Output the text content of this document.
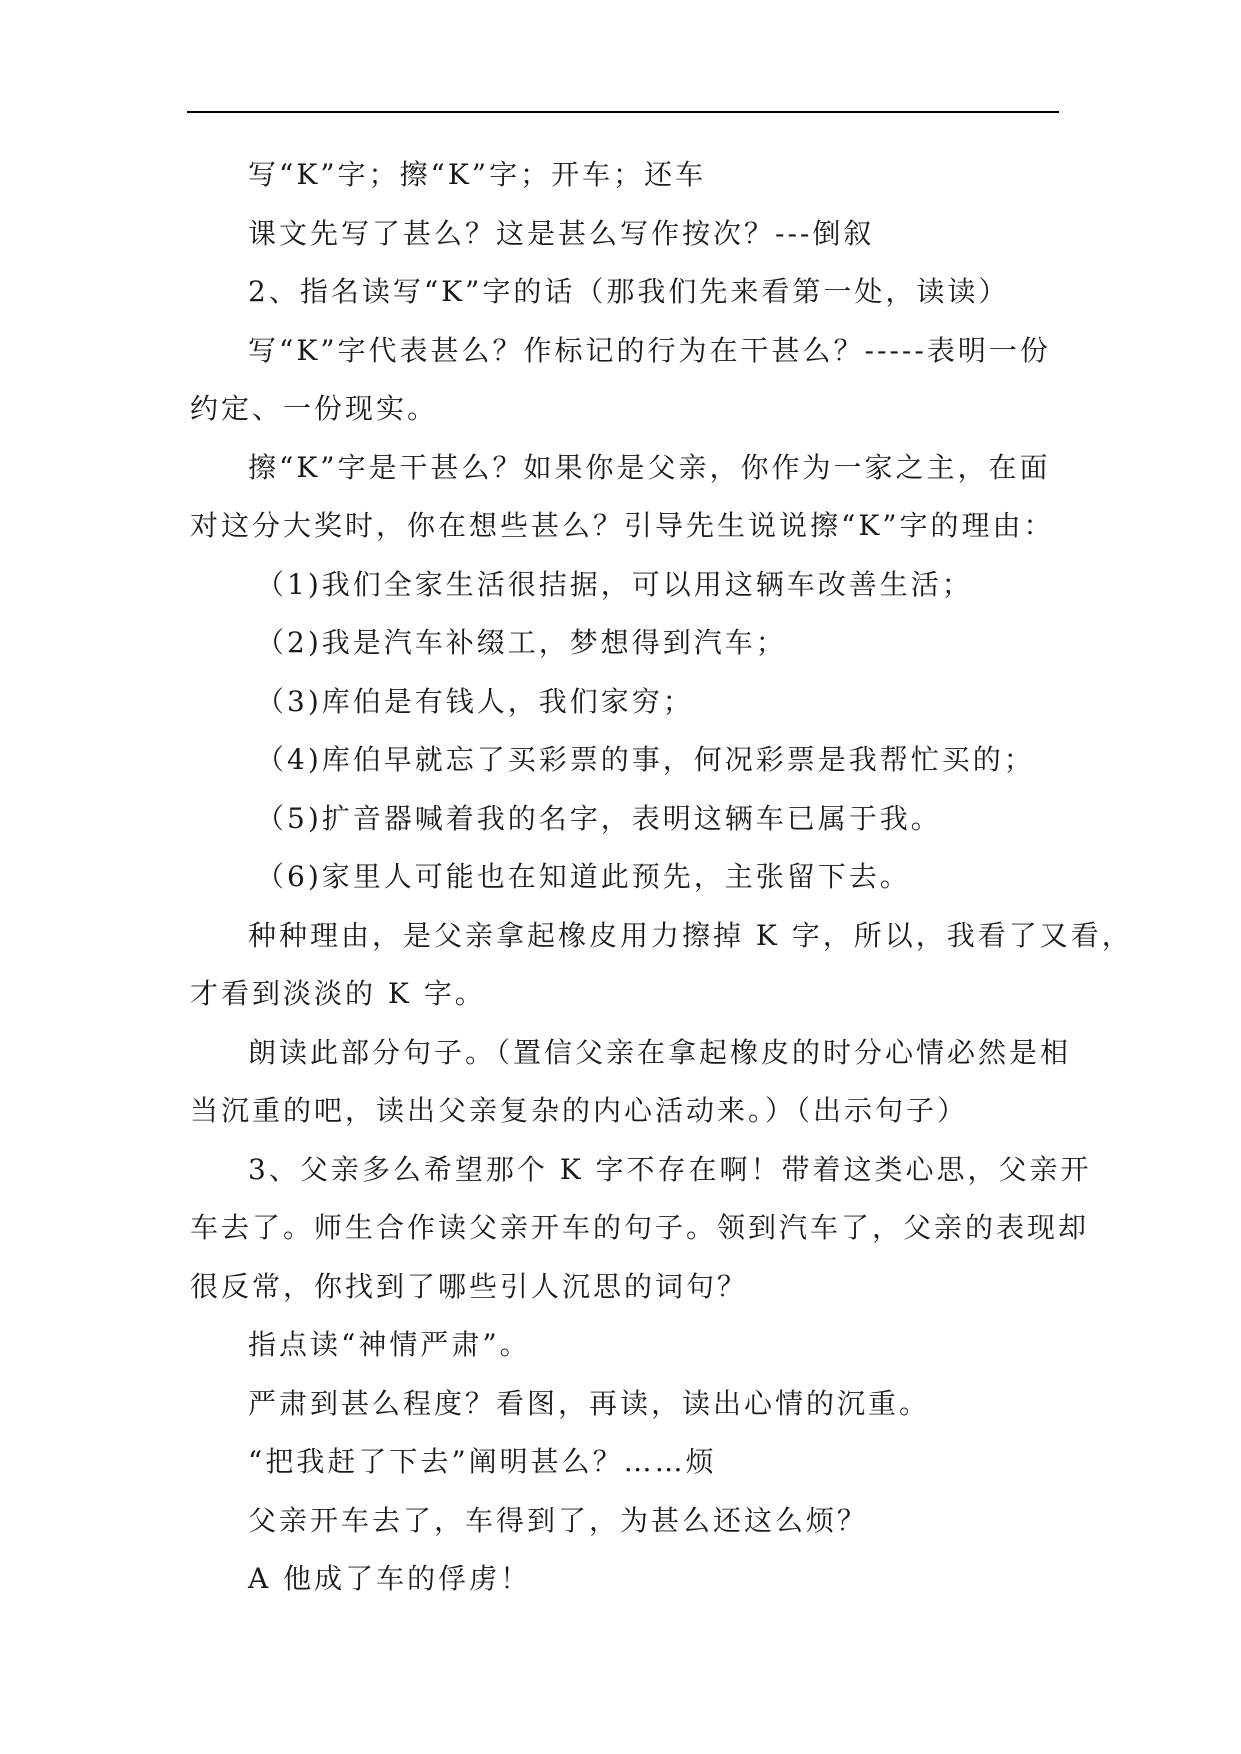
写“K”字；擦“K”字；开车；还车
课文先写了甚么？这是甚么写作按次？---倒叙
2、指名读写“K”字的话（那我们先来看第一处，读读）
写“K”字代表甚么？作标记的行为在干甚么？-----表明一份
约定、一份现实。
擦“K”字是干甚么？如果你是父亲，你作为一家之主，在面
对这分大奖时，你在想些甚么？引导先生说说擦“K”字的理由：
（1)我们全家生活很拮据，可以用这辆车改善生活；
（2)我是汽车补缀工，梦想得到汽车；
（3)库伯是有钱人，我们家穷；
（4)库伯早就忘了买彩票的事，何况彩票是我帮忙买的；
（5)扩音器喊着我的名字，表明这辆车已属于我。
（6)家里人可能也在知道此预先，主张留下去。
种种理由，是父亲拿起橡皮用力擦掉 K 字，所以，我看了又看，
才看到淡淡的 K 字。
朗读此部分句子。（置信父亲在拿起橡皮的时分心情必然是相
当沉重的吧，读出父亲复杂的内心活动来。）（出示句子）
3、父亲多么希望那个 K 字不存在啊！带着这类心思，父亲开
车去了。师生合作读父亲开车的句子。领到汽车了，父亲的表现却
很反常，你找到了哪些引人沉思的词句？
指点读“神情严肃”。
严肃到甚么程度？看图，再读，读出心情的沉重。
“把我赶了下去”阐明甚么？……烦
父亲开车去了，车得到了，为甚么还这么烦？
A 他成了车的俘虏！
